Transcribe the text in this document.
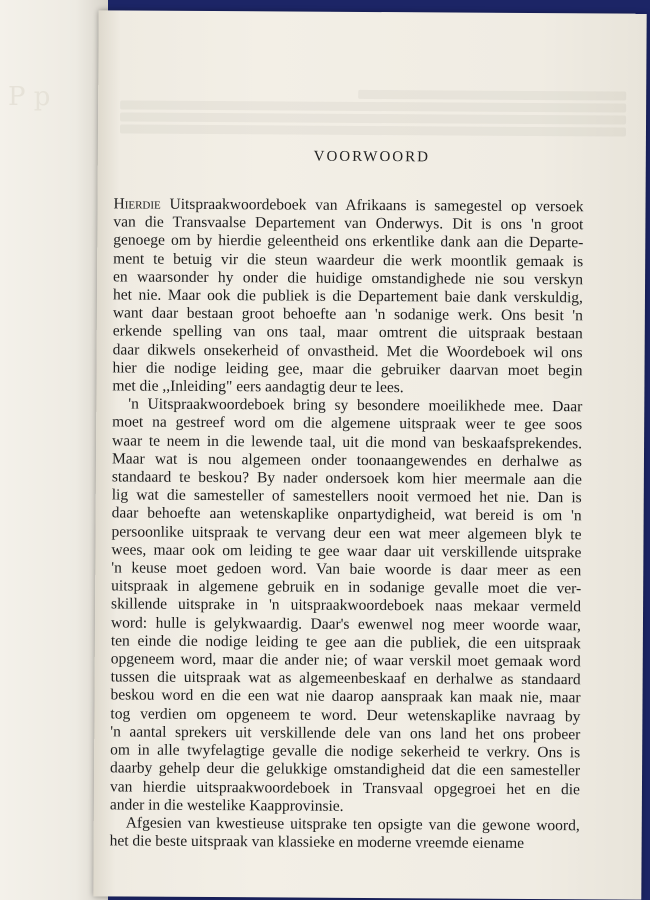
P p
VOORWOORD
Hierdie Uitspraakwoordeboek van Afrikaans is samegestel op versoek
van die Transvaalse Departement van Onderwys. Dit is ons 'n groot
genoege om by hierdie geleentheid ons erkentlike dank aan die Departe-
ment te betuig vir die steun waardeur die werk moontlik gemaak is
en waarsonder hy onder die huidige omstandighede nie sou verskyn
het nie. Maar ook die publiek is die Departement baie dank verskuldig,
want daar bestaan groot behoefte aan 'n sodanige werk. Ons besit 'n
erkende spelling van ons taal, maar omtrent die uitspraak bestaan
daar dikwels onsekerheid of onvastheid. Met die Woordeboek wil ons
hier die nodige leiding gee, maar die gebruiker daarvan moet begin
met die ,,Inleiding" eers aandagtig deur te lees.
'n Uitspraakwoordeboek bring sy besondere moeilikhede mee. Daar
moet na gestreef word om die algemene uitspraak weer te gee soos
waar te neem in die lewende taal, uit die mond van beskaafsprekendes.
Maar wat is nou algemeen onder toonaangewendes en derhalwe as
standaard te beskou? By nader ondersoek kom hier meermale aan die
lig wat die samesteller of samestellers nooit vermoed het nie. Dan is
daar behoefte aan wetenskaplike onpartydigheid, wat bereid is om 'n
persoonlike uitspraak te vervang deur een wat meer algemeen blyk te
wees, maar ook om leiding te gee waar daar uit verskillende uitsprake
'n keuse moet gedoen word. Van baie woorde is daar meer as een
uitspraak in algemene gebruik en in sodanige gevalle moet die ver-
skillende uitsprake in 'n uitspraakwoordeboek naas mekaar vermeld
word: hulle is gelykwaardig. Daar's ewenwel nog meer woorde waar,
ten einde die nodige leiding te gee aan die publiek, die een uitspraak
opgeneem word, maar die ander nie; of waar verskil moet gemaak word
tussen die uitspraak wat as algemeenbeskaaf en derhalwe as standaard
beskou word en die een wat nie daarop aanspraak kan maak nie, maar
tog verdien om opgeneem te word. Deur wetenskaplike navraag by
'n aantal sprekers uit verskillende dele van ons land het ons probeer
om in alle twyfelagtige gevalle die nodige sekerheid te verkry. Ons is
daarby gehelp deur die gelukkige omstandigheid dat die een samesteller
van hierdie uitspraakwoordeboek in Transvaal opgegroei het en die
ander in die westelike Kaapprovinsie.
Afgesien van kwestieuse uitsprake ten opsigte van die gewone woord,
het die beste uitspraak van klassieke en moderne vreemde eiename
